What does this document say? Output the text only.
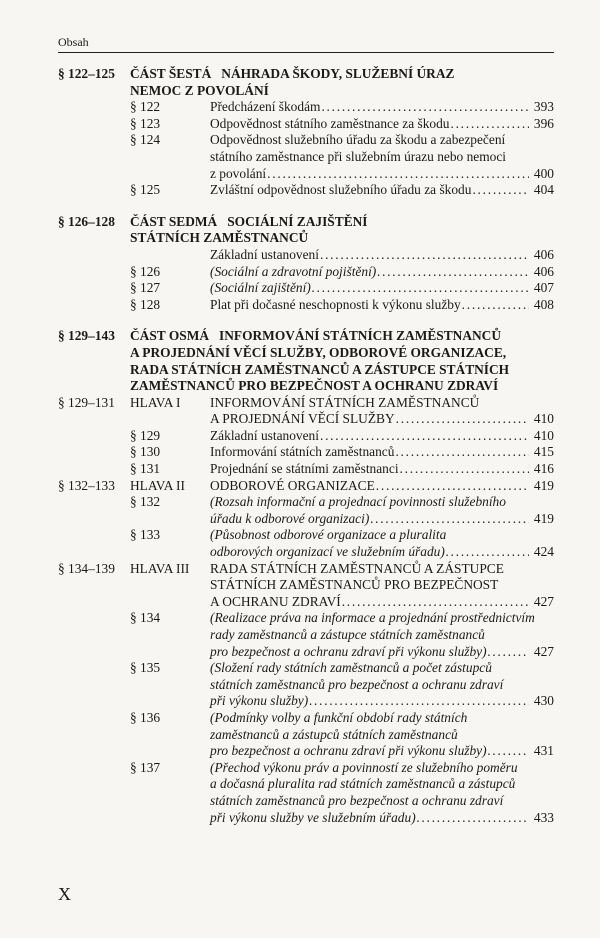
Obsah
§ 122–125	ČÁST ŠESTÁ   NÁHRADA ŠKODY, SLUŽEBNÍ ÚRAZ
NEMOC Z POVOLÁNÍ
§ 122	Předcházení škodám . . .	393
§ 123	Odpovědnost státního zaměstnance za škodu . . .	396
§ 124	Odpovědnost služebního úřadu za škodu a zabezpečení
státního zaměstnance při služebním úrazu nebo nemoci
z povolání . . .	400
§ 125	Zvláštní odpovědnost služebního úřadu za škodu . . .	404
§ 126–128	ČÁST SEDMÁ   SOCIÁLNÍ ZAJIŠTĚNÍ
STÁTNÍCH ZAMĚSTNANCŮ
Základní ustanovení . . .	406
§ 126	(Sociální a zdravotní pojištění) . . .	406
§ 127	(Sociální zajištění) . . .	407
§ 128	Plat při dočasné neschopnosti k výkonu služby . . .	408
§ 129–143	ČÁST OSMÁ   INFORMOVÁNÍ STÁTNÍCH ZAMĚSTNANCŮ
A PROJEDNÁNÍ VĚCÍ SLUŽBY, ODBOROVÉ ORGANIZACE,
RADA STÁTNÍCH ZAMĚSTNANCŮ A ZÁSTUPCE STÁTNÍCH
ZAMĚSTNANCŮ PRO BEZPEČNOST A OCHRANU ZDRAVÍ
§ 129–131	HLAVA I	INFORMOVÁNÍ STÁTNÍCH ZAMĚSTNANCŮ
A PROJEDNÁNÍ VĚCÍ SLUŽBY . . .	410
§ 129	Základní ustanovení . . .	410
§ 130	Informování státních zaměstnanců . . .	415
§ 131	Projednání se státními zaměstnanci . . .	416
§ 132–133	HLAVA II	ODBOROVÉ ORGANIZACE . . .	419
§ 132	(Rozsah informační a projednací povinnosti služebního
úřadu k odborové organizaci) . . .	419
§ 133	(Působnost odborové organizace a pluralita
odborových organizací ve služebním úřadu) . . .	424
§ 134–139	HLAVA III	RADA STÁTNÍCH ZAMĚSTNANCŮ A ZÁSTUPCE
STÁTNÍCH ZAMĚSTNANCŮ PRO BEZPEČNOST
A OCHRANU ZDRAVÍ . . .	427
§ 134	(Realizace práva na informace a projednání prostřednictvím
rady zaměstnanců a zástupce státních zaměstnanců
pro bezpečnost a ochranu zdraví při výkonu služby) . . .	427
§ 135	(Složení rady státních zaměstnanců a počet zástupců
státních zaměstnanců pro bezpečnost a ochranu zdraví
při výkonu služby) . . .	430
§ 136	(Podmínky volby a funkční období rady státních
zaměstnanců a zástupců státních zaměstnanců
pro bezpečnost a ochranu zdraví při výkonu služby) . . .	431
§ 137	(Přechod výkonu práv a povinností ze služebního poměru
a dočasná pluralita rad státních zaměstnanců a zástupců
státních zaměstnanců pro bezpečnost a ochranu zdraví
při výkonu služby ve služebním úřadu) . . .	433
X
